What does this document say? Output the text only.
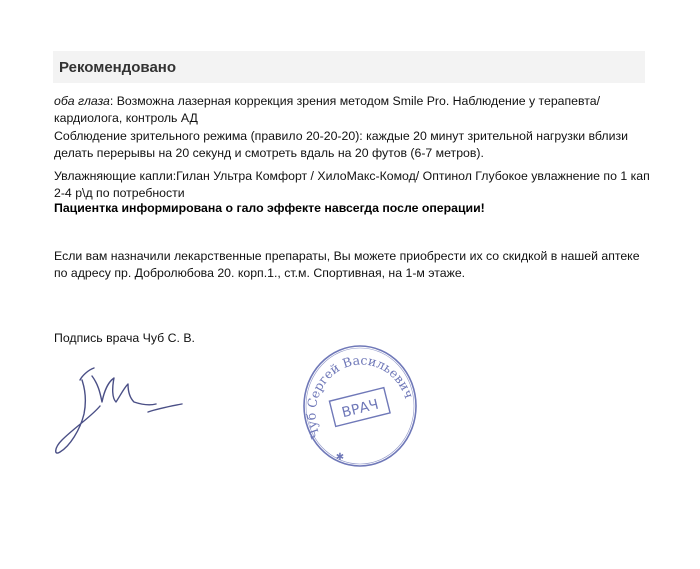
Рекомендовано
оба глаза: Возможна лазерная коррекция зрения методом Smile Pro. Наблюдение у терапевта/кардиолога, контроль АД
Соблюдение зрительного режима (правило 20-20-20): каждые 20 минут зрительной нагрузки вблизи
делать перерывы на 20 секунд и смотреть вдаль на 20 футов (6-7 метров).
Увлажняющие капли:Гилан Ультра Комфорт / ХилоМакс-Комод/ Оптинол Глубокое увлажнение по 1 кап 2-4 р\д по потребности
Пациентка информирована о гало эффекте навсегда после операции!
Если вам назначили лекарственные препараты, Вы можете приобрести их со скидкой в нашей аптеке по адресу пр. Добролюбова 20. корп.1., ст.м. Спортивная, на 1-м этаже.
Подпись врача Чуб С. В.
Чуб Сергей Васильевич
ВРАЧ
✱
